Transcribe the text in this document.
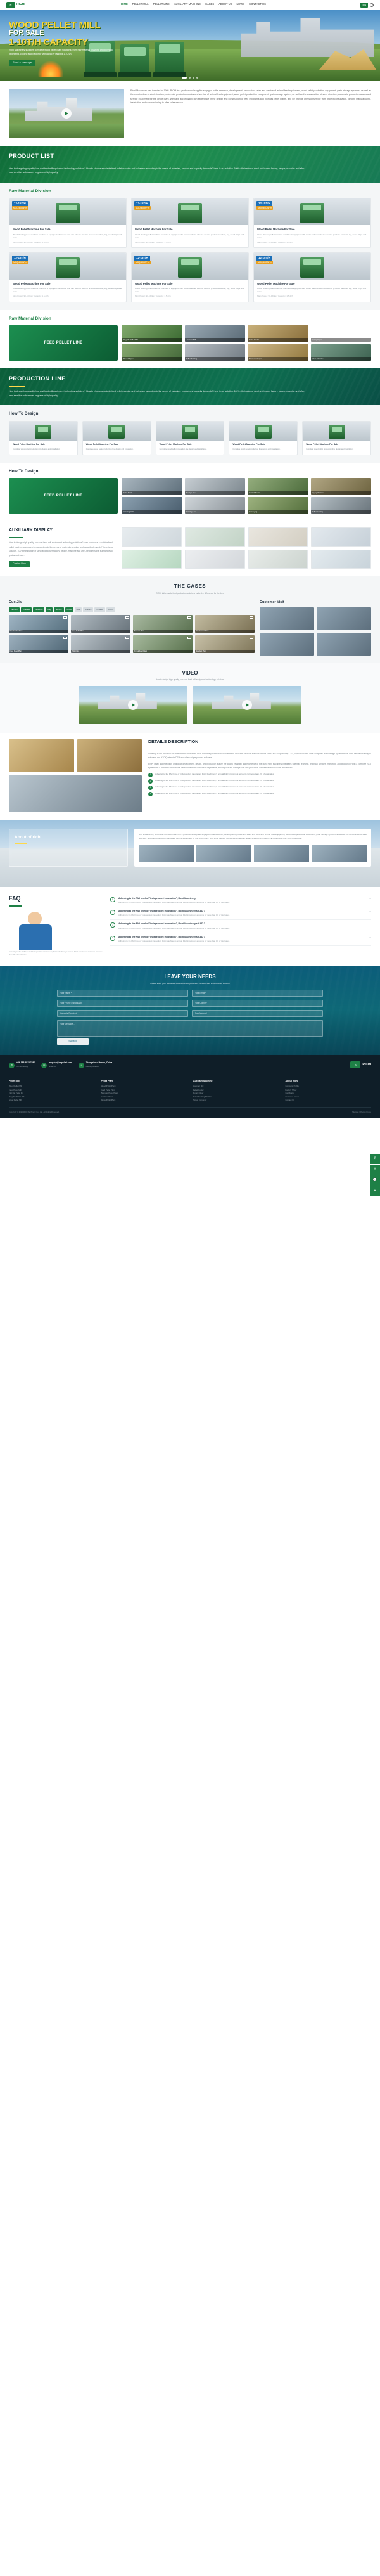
R	RICHI	HOME PELLET MILL PELLET LINE AUXILIARY MACHINE CASES ABOUT US NEWS CONTACT US	EN
WOOD PELLET MILL
FOR SALE
1-10T/H CAPACITY
Richi Machinery supplies complete wood pellet plant solutions, from raw material crushing and drying to pelletizing, cooling and packing, with capacity ranging 1-10 t/h.
Send A Message
Richi Machinery was founded in 1995. RICHI is a professional supplier engaged in the research, development, production, sales and service of animal feed equipment, wood pellet production equipment, grain storage systems, as well as the construction of steel structure, automatic production scales and service of animal feed equipment, wood pellet production equipment, grain storage system, as well as the construction of steel structure, automatic production scales and service equipment for the whole plant. We have accumulated rich experience in the design and construction of feed mill plants and biomass pellet plants, and we provide one-stop service from project consultation, design, manufacturing, installation and commissioning to after-sales service.
PRODUCT LIST

How to design high quality, low cost feed mill equipment technology solutions? How to choose a suitable feed pellet machine and pulverizer according to the needs of materials, product and capacity demands? Here is our solution. 100% elimination of sand and blower factory, people, machine and after-heat sensitive substances or grains of high quality.

Raw Material Division
12-15T/H
MOQ:40CBF·m
Wood Pellet Machine For Sale

Wood shaving pellet machine machine is equipped with cooler and can also be used to produce sawdust, log, wood chips and more.

Main Power: 90-160kw / Capacity: 1.5-2t/h
12-15T/H
MOQ:40CBF·m
Wood Pellet Machine For Sale

Wood shaving pellet machine machine is equipped with cooler and can also be used to produce sawdust, log, wood chips and more.

Main Power: 90-160kw / Capacity: 1.5-2t/h
12-15T/H
MOQ:40CBF·m
Wood Pellet Machine For Sale

Wood shaving pellet machine machine is equipped with cooler and can also be used to produce sawdust, log, wood chips and more.

Main Power: 90-160kw / Capacity: 1.5-2t/h
12-15T/H
MOQ:40CBF·m
Wood Pellet Machine For Sale

Wood shaving pellet machine machine is equipped with cooler and can also be used to produce sawdust, log, wood chips and more.

Main Power: 90-160kw / Capacity: 1.5-2t/h
12-15T/H
MOQ:40CBF·m
Wood Pellet Machine For Sale

Wood shaving pellet machine machine is equipped with cooler and can also be used to produce sawdust, log, wood chips and more.

Main Power: 90-160kw / Capacity: 1.5-2t/h
12-15T/H
MOQ:40CBF·m
Wood Pellet Machine For Sale

Wood shaving pellet machine machine is equipped with cooler and can also be used to produce sawdust, log, wood chips and more.

Main Power: 90-160kw / Capacity: 1.5-2t/h
Raw Material Division
FEED PELLET LINE
Ring Die Pellet Mill	Hammer Mill	Pellet Cooler	Rotary Dryer
Wood Chipper	Pellet Packing	Screw Conveyor	Mixer Machine
PRODUCTION LINE

How to design high quality, low cost feed mill equipment technology solutions? How to choose a suitable feed pellet machine and pulverizer according to the needs of materials, product and capacity demands? Here is our solution. 100% elimination of sand and blower factory, people, machine and after-heat sensitive substances or grains of high quality.

How To Design
Wood Pellet Machine For Sale

Complete wood pellet production line design and installation.

Wood Pellet Machine For Sale

Complete wood pellet production line design and installation.

Wood Pellet Machine For Sale

Complete wood pellet production line design and installation.

Wood Pellet Machine For Sale

Complete wood pellet production line design and installation.

Wood Pellet Machine For Sale

Complete wood pellet production line design and installation.

How To Design
FEED PELLET LINE
Pellet Plant	Storage Silo	Control Room	Drying System
Crushing Unit	Packing Line	Conveying	Pellet Cooling
AUXILIARY DISPLAY

How to design high quality, low cost feed mill equipment technology solutions? How to choose a suitable feed pellet machine and pulverizer according to the needs of materials, product and capacity demands? Here is our solution. 100% elimination of sand and blower factory, people, machine and after-heat sensitive substances or grains such as ...

Contact Now
THE CASES
RICHI tailor-made feed production solutions make the difference for the feed
Cuo Jia
Viet Nam	Thailand	Indonesia	Italy	Europe	Africa	Asia	America	Oceania	Others
Wood Pellet Plant	Feed Pellet Plant	Biomass Plant	Wood Pellet Plant
Feed Pellet Plant	Pellet Line	Animal Feed Plant	Sawdust Plant
Customer Visit
VIDEO
How to design high quality, low cost feed mill equipment technology solutions
DETAILS DESCRIPTION

Adhering to the RMI level of "independent innovation, Richi Machinery's annual RMI investment accounts for more than 4% of total sales. It is supported by CAD, DynSimulis and other computer-aided design systems/tools, mold simulation analysis software, and HTC/QuaternionDEM and other unique process software.

Every detail and execution of product development, design, and production assure the quality, reliability and excellence of the plan. Richi Machinery integrates scientific research, technical services, marketing, and production, with a complete R&D system and a complete international development and innovation capabilities, and improve the average cost and production competitiveness of home and abroad.

1	Adhering to the RMI level of "independent innovation, Richi Machinery's annual R&D investment accounts for more than 4% of total sales.
2	Adhering to the RMI level of "independent innovation, Richi Machinery's annual R&D investment accounts for more than 4% of total sales.
3	Adhering to the RMI level of "independent innovation, Richi Machinery's annual R&D investment accounts for more than 4% of total sales.
4	Adhering to the RMI level of "independent innovation, Richi Machinery's annual R&D investment accounts for more than 4% of total sales.
About of richi

RICHI Machinery, which was founded in 1995, is a professional supplier engaged in the research, development, production, sales and service of animal feed equipment, wood pellet production equipment, grain storage systems, as well as the construction of steel structure, automatic production scales and service equipment for the whole plant. RICHI has passed ISO9001 international quality system certification, CE certification and SGS certification.

FAQ
Adhering to the RMI level of "independent innovation", Richi Machinery's annual R&D investment accounts for more than 4% of total sales.
1	Adhering to the RMI level of "independent innovation", Richi Machinery!
Adhering to the RMI level of "independent innovation, Richi Machinery's annual R&D investment accounts for more than 4% of total sales.
+
2	Adhering to the RMI level of "independent innovation", Richi Machinery's CAD ?
Adhering to the RMI level of "independent innovation, Richi Machinery's annual R&D investment accounts for more than 4% of total sales.
+
3	Adhering to the RMI level of "independent innovation", Richi Machinery's CAD ?
Adhering to the RMI level of "independent innovation, Richi Machinery's annual R&D investment accounts for more than 4% of total sales.
+
4	Adhering to the RMI level of "independent innovation", Richi Machinery's CAD ?
Adhering to the RMI level of "independent innovation, Richi Machinery's annual R&D investment accounts for more than 4% of total sales.
+
LEAVE YOUR NEEDS
Please leave your needs and we will contact you within 24 hours with a customized solution
Your Name *	Your Email *
Your Phone / WhatsApp	Your Country
Capacity Required	Raw Material
Your Message...
SUBMIT
✆
+86 185 3823 7380
Tel / WhatsApp	✉
enquiry@cnpellet.com
Email Us	⌖
Zhengzhou, Henan, China
Factory Address
R	RICHI
Pellet Mill
Wood Pellet Mill
Feed Pellet Mill
Flat Die Pellet Mill
Ring Die Pellet Mill
Small Pellet Mill
Pellet Plant
Wood Pellet Plant
Feed Pellet Plant
Biomass Pellet Plant
Fertilizer Plant
Straw Pellet Plant
Auxiliary Machine
Hammer Mill
Pellet Cooler
Rotary Dryer
Pellet Packing Machine
Screw Conveyor
About Richi
Company Profile
Factory Show
Certificates
Customer Cases
Contact Us
Copyright © 2023 Richi Machinery Co., Ltd. All Rights Reserved.	Sitemap | Privacy Policy
✆
✉
💬
▲
